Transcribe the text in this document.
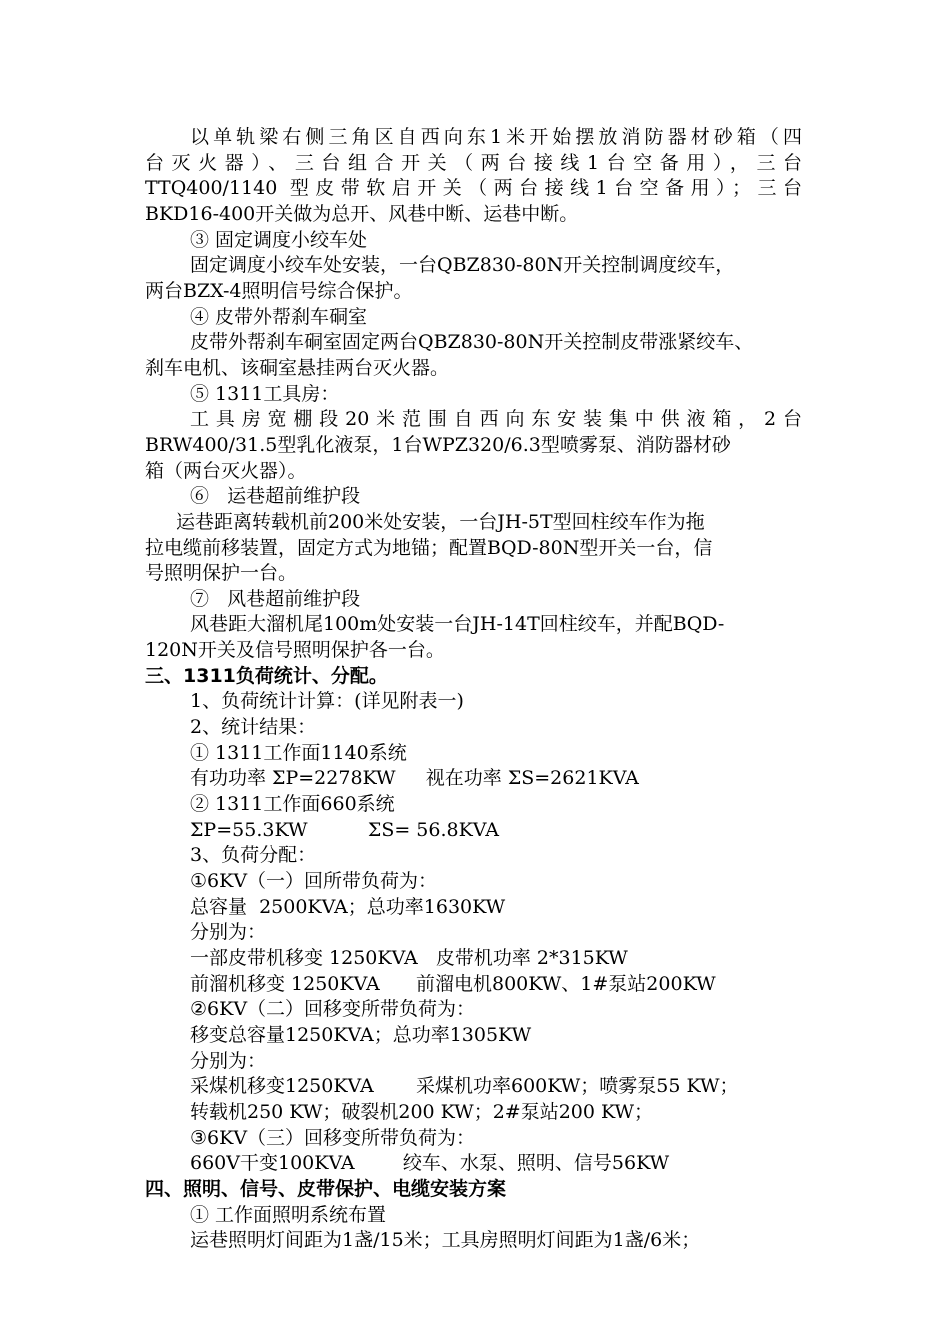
以单轨梁右侧三角区自西向东1米开始摆放消防器材砂箱（四
台灭火器）、三台组合开关（两台接线1台空备用），三台
TTQ400/1140 型皮带软启开关（两台接线1台空备用）；三台
BKD16-400开关做为总开、风巷中断、运巷中断。
③ 固定调度小绞车处
固定调度小绞车处安装，一台QBZ830-80N开关控制调度绞车，
两台BZX-4照明信号综合保护。
④ 皮带外帮刹车硐室
皮带外帮刹车硐室固定两台QBZ830-80N开关控制皮带涨紧绞车、
刹车电机、该硐室悬挂两台灭火器。
⑤ 1311工具房：
工具房宽棚段20米范围自西向东安装集中供液箱，2台
BRW400/31.5型乳化液泵，1台WPZ320/6.3型喷雾泵、消防器材砂
箱（两台灭火器）。
⑥   运巷超前维护段
运巷距离转载机前200米处安装，一台JH-5T型回柱绞车作为拖
拉电缆前移装置，固定方式为地锚；配置BQD-80N型开关一台，信
号照明保护一台。
⑦   风巷超前维护段
风巷距大溜机尾100m处安装一台JH-14T回柱绞车，并配BQD-
120N开关及信号照明保护各一台。
三、1311负荷统计、分配。
1、负荷统计计算：(详见附表一)
2、统计结果：
① 1311工作面1140系统
有功功率 ΣP=2278KW     视在功率 ΣS=2621KVA
② 1311工作面660系统
ΣP=55.3KW          ΣS= 56.8KVA
3、负荷分配：
①6KV（一）回所带负荷为：
总容量  2500KVA；总功率1630KW
分别为：
一部皮带机移变 1250KVA   皮带机功率 2*315KW
前溜机移变 1250KVA      前溜电机800KW、1#泵站200KW
②6KV（二）回移变所带负荷为：
移变总容量1250KVA；总功率1305KW
分别为：
采煤机移变1250KVA       采煤机功率600KW；喷雾泵55 KW；
转载机250 KW；破裂机200 KW；2#泵站200 KW；
③6KV（三）回移变所带负荷为：
660V干变100KVA        绞车、水泵、照明、信号56KW
四、照明、信号、皮带保护、电缆安装方案
① 工作面照明系统布置
运巷照明灯间距为1盏/15米；工具房照明灯间距为1盏/6米；
